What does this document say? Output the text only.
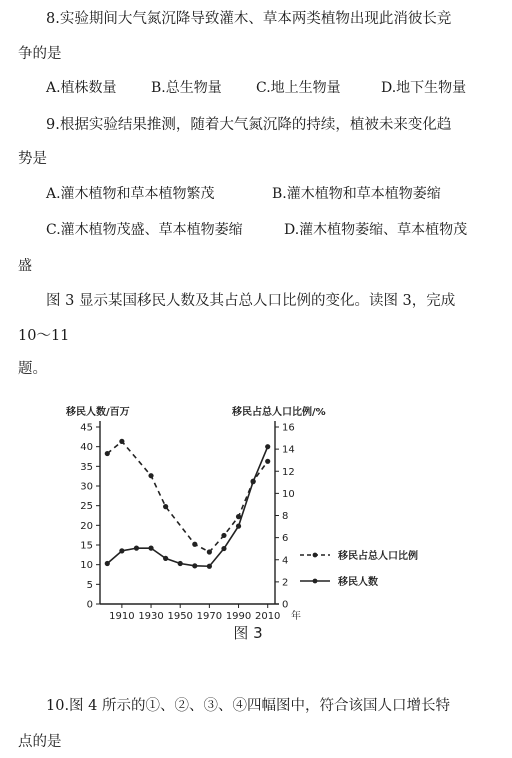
8.实验期间大气氮沉降导致灌木、草本两类植物出现此消彼长竞
争的是
A.植株数量 B.总生物量 C.地上生物量	D.地下生物量
9.根据实验结果推测，随着大气氮沉降的持续，植被未来变化趋
势是
A.灌木植物和草本植物繁茂	B.灌木植物和草本植物萎缩
C.灌木植物茂盛、草本植物萎缩	D.灌木植物萎缩、草本植物茂
盛
图 3 显示某国移民人数及其占总人口比例的变化。读图 3，完成
10～11
题。
0
5
10
15
20
25
30
35
40
45
0
2
4
6
8
10
12
14
16
1910 1930 1950 1970 1990 2010 年
移民人数/百万	移民占总人口比例/%
移民占总人口比例
移民人数
图 3
10.图 4 所示的①、②、③、④四幅图中，符合该国人口增长特
点的是
